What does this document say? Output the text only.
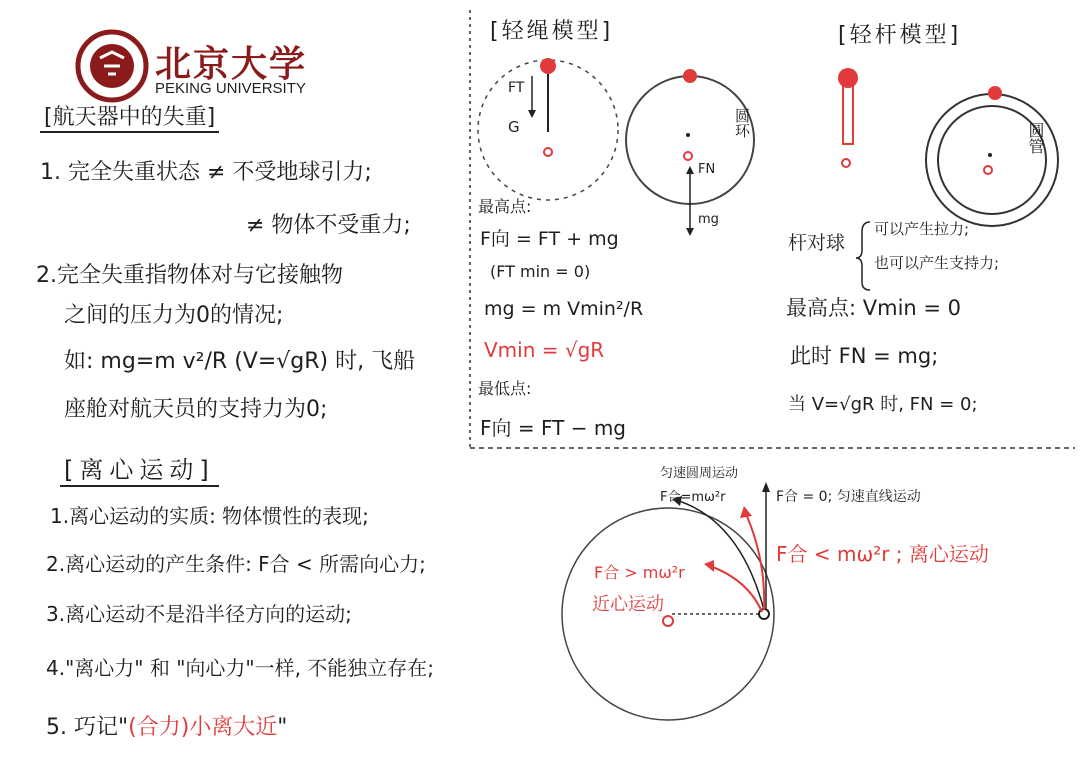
北京大学
PEKING UNIVERSITY
[航天器中的失重]
1. 完全失重状态 ≠ 不受地球引力;
≠ 物体不受重力;
2.完全失重指物体对与它接触物
之间的压力为0的情况;
如: mg=m v²/R (V=√gR) 时, 飞船
座舱对航天员的支持力为0;
[离心运动]
1.离心运动的实质: 物体惯性的表现;
2.离心运动的产生条件: F合 < 所需向心力;
3.离心运动不是沿半径方向的运动;
4."离心力" 和 "向心力"一样, 不能独立存在;
5. 巧记"(合力)小离大近"
[轻绳模型]
FT
G	圆环
FN
mg
最高点:
F向 = FT + mg
(FT min = 0)
mg = m Vmin²/R
Vmin = √gR
最低点:
F向 = FT − mg
[轻杆模型]
圆管
杆对球
可以产生拉力;
也可以产生支持力;
最高点: Vmin = 0
此时 FN = mg;
当 V=√gR 时, FN = 0;
匀速圆周运动
F合=mω²r	F合 = 0; 匀速直线运动
F合 < mω²r ; 离心运动
F合 > mω²r
近心运动
